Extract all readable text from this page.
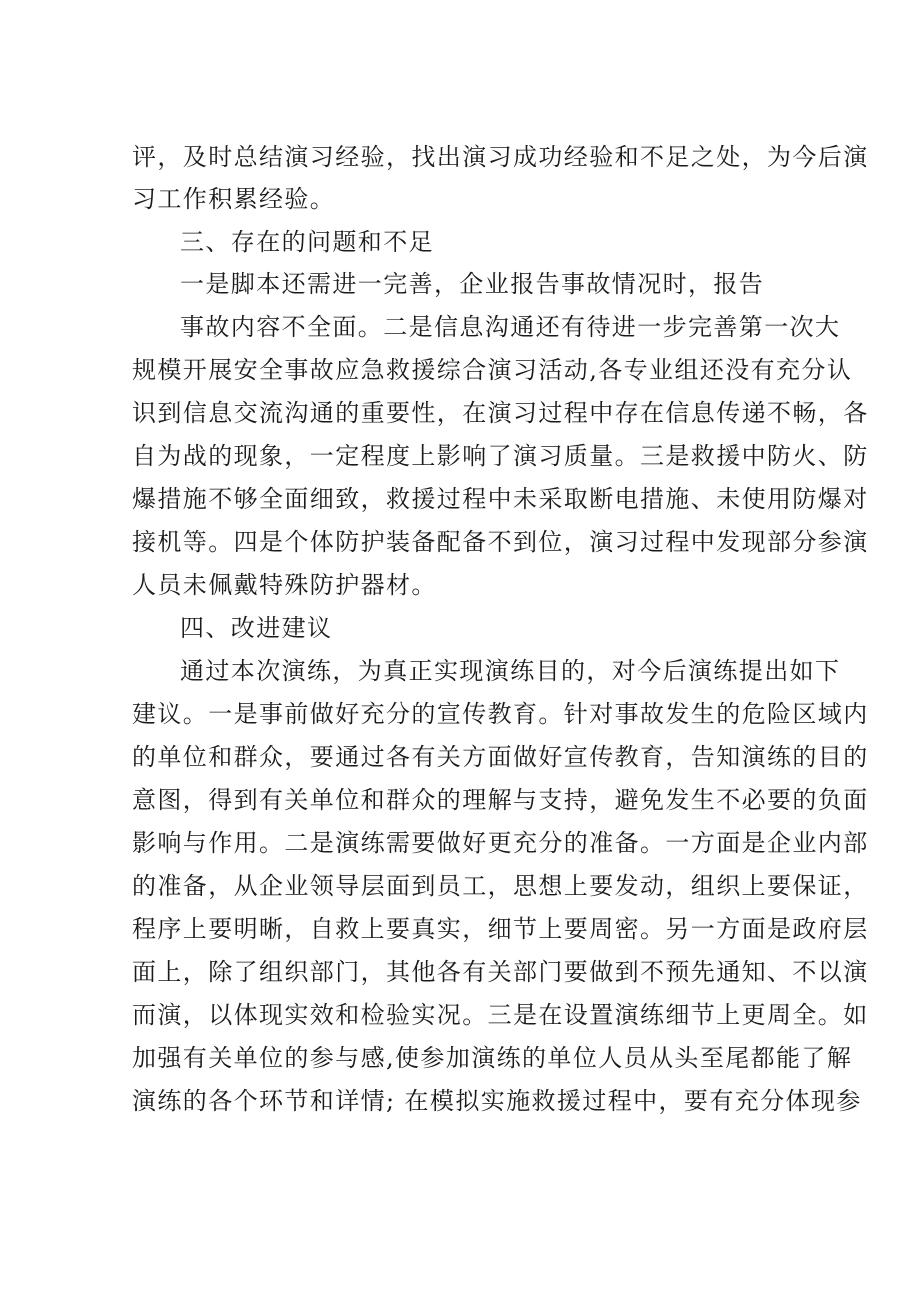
评，及时总结演习经验，找出演习成功经验和不足之处，为今后演
习工作积累经验。
三、存在的问题和不足
一是脚本还需进一完善，企业报告事故情况时，报告
事故内容不全面。二是信息沟通还有待进一步完善第一次大
规模开展安全事故应急救援综合演习活动,各专业组还没有充分认
识到信息交流沟通的重要性，在演习过程中存在信息传递不畅，各
自为战的现象，一定程度上影响了演习质量。三是救援中防火、防
爆措施不够全面细致，救援过程中未采取断电措施、未使用防爆对
接机等。四是个体防护装备配备不到位，演习过程中发现部分参演
人员未佩戴特殊防护器材。
四、改进建议
通过本次演练，为真正实现演练目的，对今后演练提出如下
建议。一是事前做好充分的宣传教育。针对事故发生的危险区域内
的单位和群众，要通过各有关方面做好宣传教育，告知演练的目的
意图，得到有关单位和群众的理解与支持，避免发生不必要的负面
影响与作用。二是演练需要做好更充分的准备。一方面是企业内部
的准备，从企业领导层面到员工，思想上要发动，组织上要保证，
程序上要明晰，自救上要真实，细节上要周密。另一方面是政府层
面上，除了组织部门，其他各有关部门要做到不预先通知、不以演
而演，以体现实效和检验实况。三是在设置演练细节上更周全。如
加强有关单位的参与感,使参加演练的单位人员从头至尾都能了解
演练的各个环节和详情; 在模拟实施救援过程中，要有充分体现参
